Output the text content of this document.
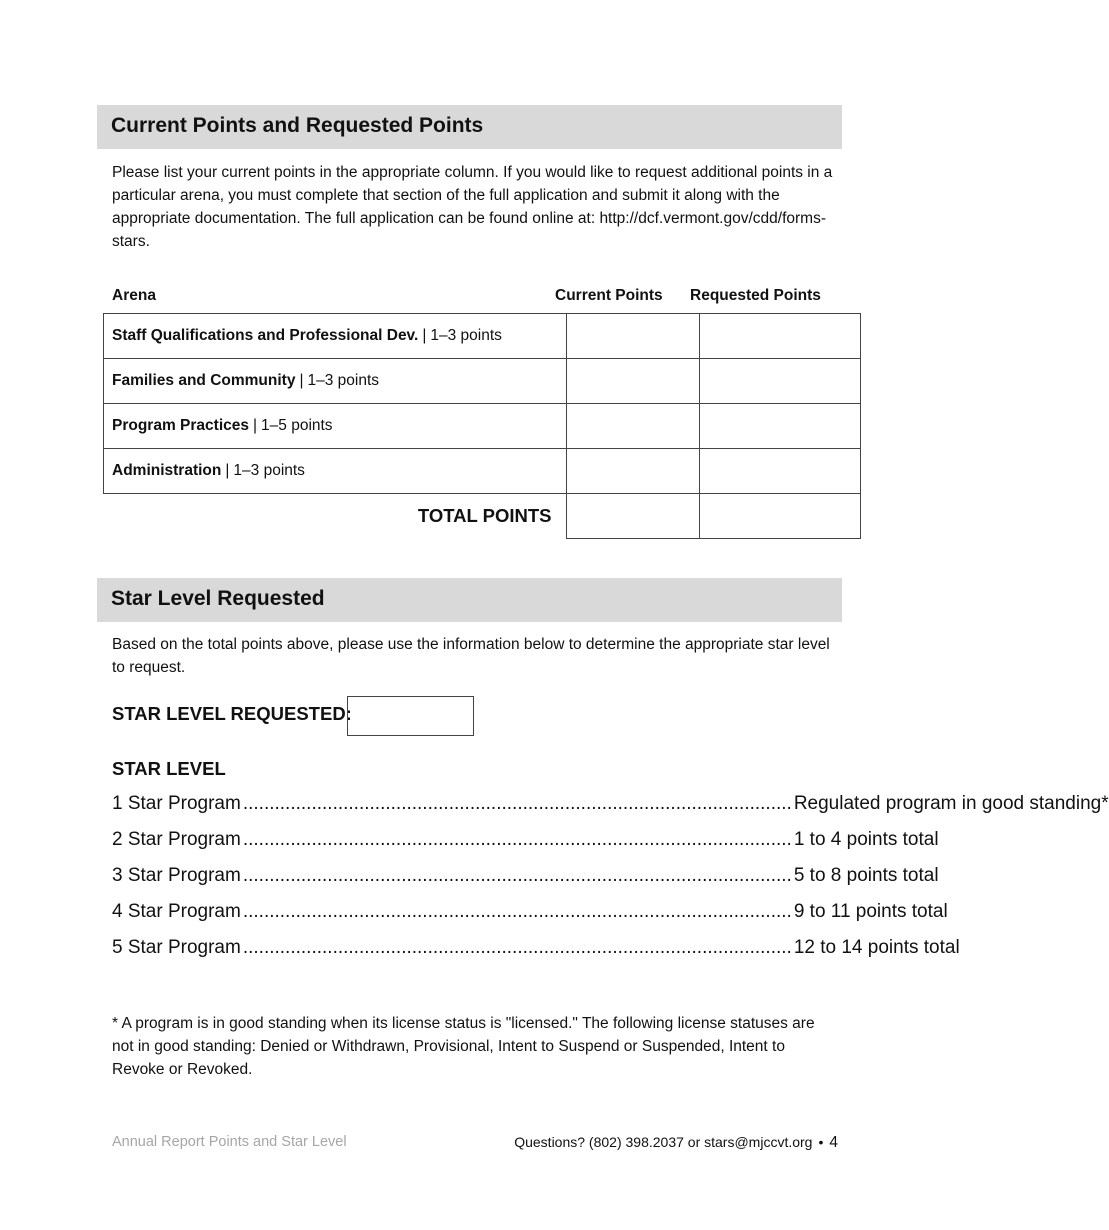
Current Points and Requested Points

Please list your current points in the appropriate column. If you would like to request additional points in a particular arena, you must complete that section of the full application and submit it along with the appropriate documentation. The full application can be found online at: http://dcf.vermont.gov/cdd/forms-stars.

Arena	Current Points Requested Points
Staff Qualifications and Professional Dev. | 1–3 points		
Families and Community | 1–3 points		
Program Practices | 1–5 points		
Administration | 1–3 points		
TOTAL POINTS		
Star Level Requested

Based on the total points above, please use the information below to determine the appropriate star level to request.

STAR LEVEL REQUESTED:
STAR LEVEL
1 Star Program ........................................................................................................ Regulated program in good standing*
2 Star Program ........................................................................................................ 1 to 4 points total
3 Star Program ........................................................................................................ 5 to 8 points total
4 Star Program ........................................................................................................ 9 to 11 points total
5 Star Program ........................................................................................................ 12 to 14 points total

* A program is in good standing when its license status is "licensed." The following license statuses are not in good standing: Denied or Withdrawn, Provisional, Intent to Suspend or Suspended, Intent to Revoke or Revoked.

Annual Report Points and Star Level	Questions? (802) 398.2037 or stars@mjccvt.org • 4
